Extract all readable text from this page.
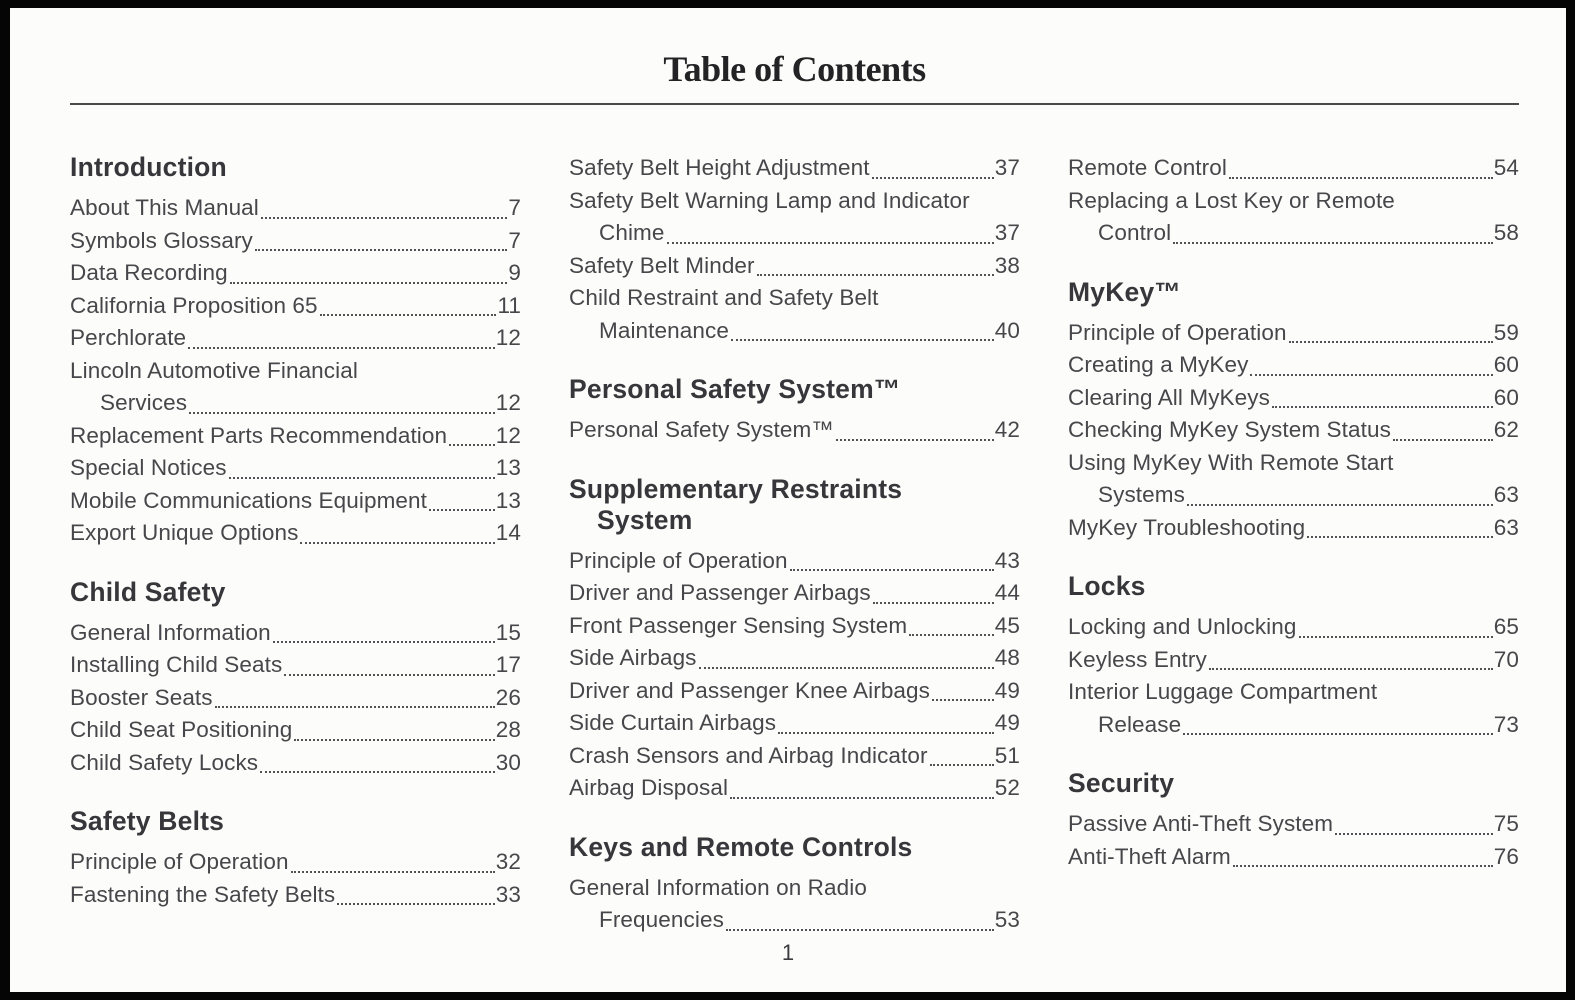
Table of Contents
Introduction
About This Manual	7
Symbols Glossary	7
Data Recording	9
California Proposition 65	11
Perchlorate	12
Lincoln Automotive Financial
Services	12
Replacement Parts Recommendation 12
Special Notices	13
Mobile Communications Equipment	13
Export Unique Options	14
Child Safety
General Information	15
Installing Child Seats	17
Booster Seats	26
Child Seat Positioning	28
Child Safety Locks	30
Safety Belts
Principle of Operation	32
Fastening the Safety Belts	33
Safety Belt Height Adjustment	37
Safety Belt Warning Lamp and Indicator
Chime	37
Safety Belt Minder	38
Child Restraint and Safety Belt
Maintenance	40
Personal Safety System™
Personal Safety System™	42
Supplementary Restraints
System
Principle of Operation	43
Driver and Passenger Airbags	44
Front Passenger Sensing System	45
Side Airbags	48
Driver and Passenger Knee Airbags	49
Side Curtain Airbags	49
Crash Sensors and Airbag Indicator	51
Airbag Disposal	52
Keys and Remote Controls
General Information on Radio
Frequencies	53
Remote Control	54
Replacing a Lost Key or Remote
Control	58
MyKey™
Principle of Operation	59
Creating a MyKey	60
Clearing All MyKeys	60
Checking MyKey System Status	62
Using MyKey With Remote Start
Systems	63
MyKey Troubleshooting	63
Locks
Locking and Unlocking	65
Keyless Entry	70
Interior Luggage Compartment
Release	73
Security
Passive Anti-Theft System	75
Anti-Theft Alarm	76
1
